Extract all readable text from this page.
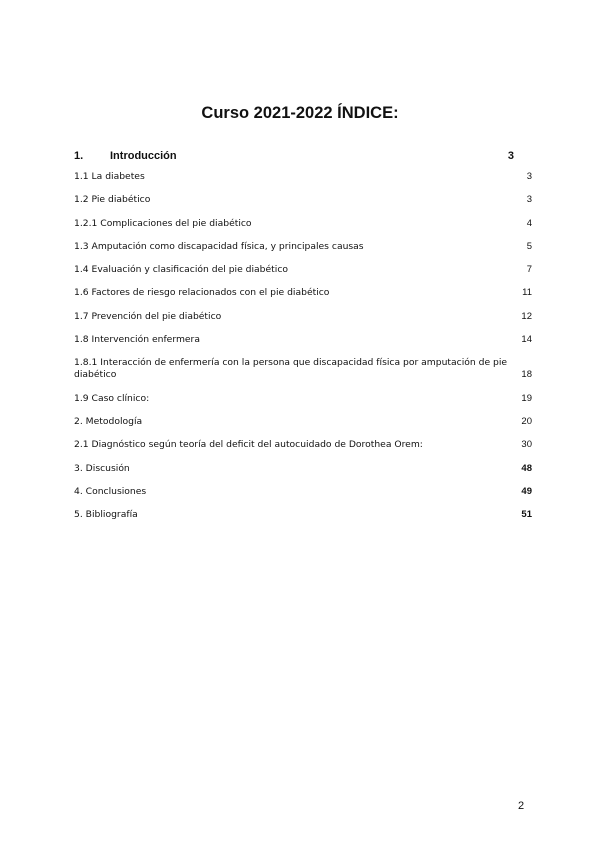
Curso 2021-2022 ÍNDICE:
1. Introducción	3
1.1 La diabetes	3
1.2 Pie diabético	3
1.2.1 Complicaciones del pie diabético	4
1.3 Amputación como discapacidad física, y principales causas	5
1.4 Evaluación y clasificación del pie diabético	7
1.6 Factores de riesgo relacionados con el pie diabético	11
1.7 Prevención del pie diabético	12
1.8 Intervención enfermera	14
1.8.1 Interacción de enfermería con la persona que discapacidad física por amputación de pie diabético	18
1.9 Caso clínico:	19
2. Metodología	20
2.1 Diagnóstico según teoría del deficit del autocuidado de Dorothea Orem:	30
3. Discusión	48
4. Conclusiones	49
5. Bibliografía	51
2
